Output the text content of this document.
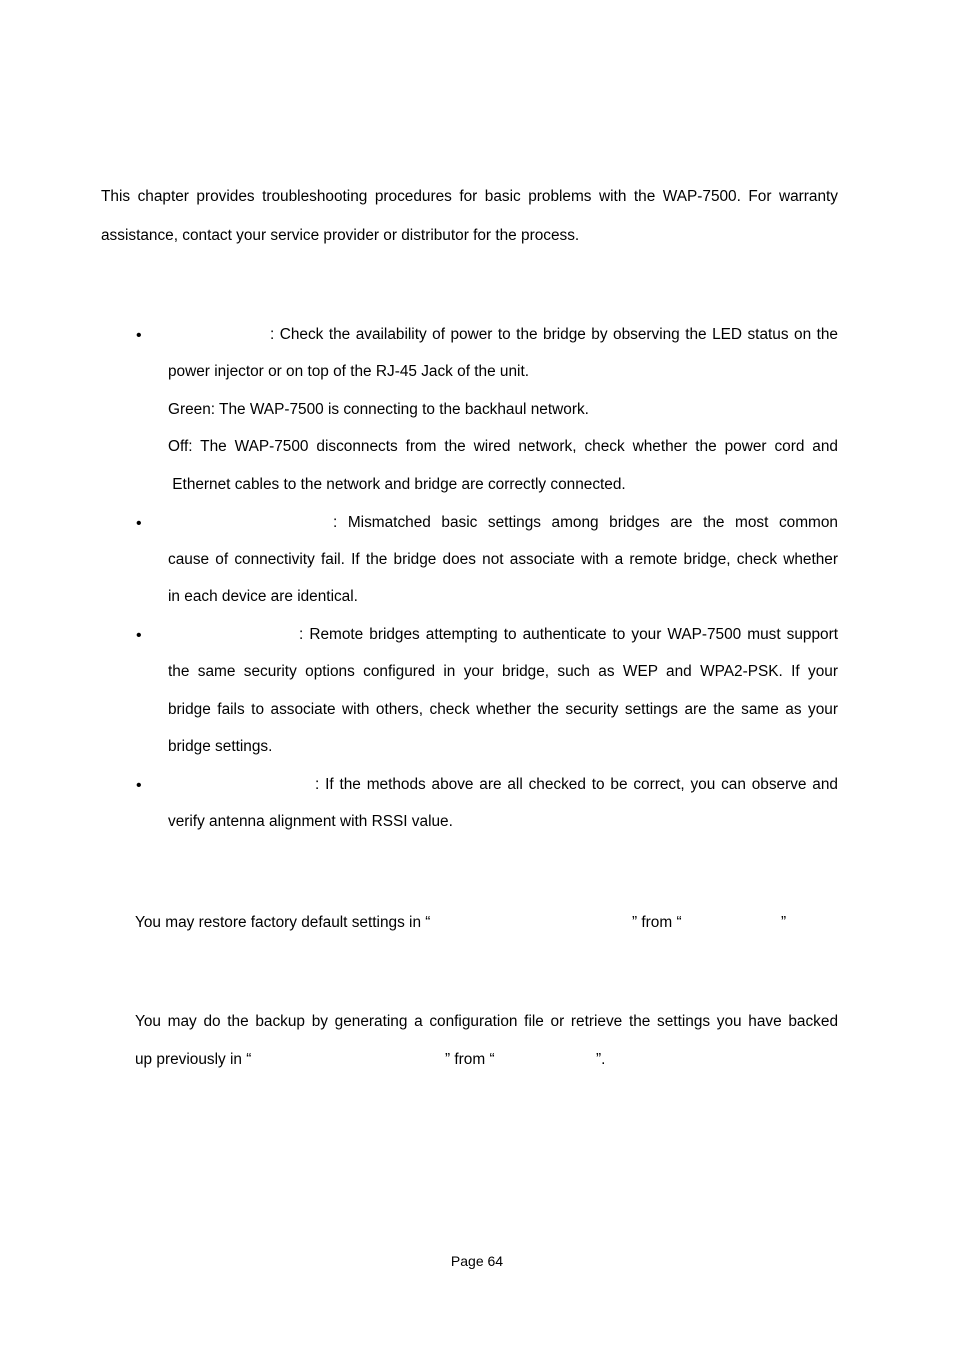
This chapter provides troubleshooting procedures for basic problems with the WAP-7500. For warranty
assistance, contact your service provider or distributor for the process.
•	: Check the availability of power to the bridge by observing the LED status on the
power injector or on top of the RJ-45 Jack of the unit.
Green: The WAP-7500 is connecting to the backhaul network.
Off: The WAP-7500 disconnects from the wired network, check whether the power cord and
Ethernet cables to the network and bridge are correctly connected.
•	: Mismatched basic settings among bridges are the most common
cause of connectivity fail. If the bridge does not associate with a remote bridge, check whether
in each device are identical.
•	: Remote bridges attempting to authenticate to your WAP-7500 must support
the same security options configured in your bridge, such as WEP and WPA2-PSK. If your
bridge fails to associate with others, check whether the security settings are the same as your
bridge settings.
•	: If the methods above are all checked to be correct, you can observe and
verify antenna alignment with RSSI value.
You may restore factory default settings in “	” from “	”
You may do the backup by generating a configuration file or retrieve the settings you have backed
up previously in “	” from “	”.
Page 64
